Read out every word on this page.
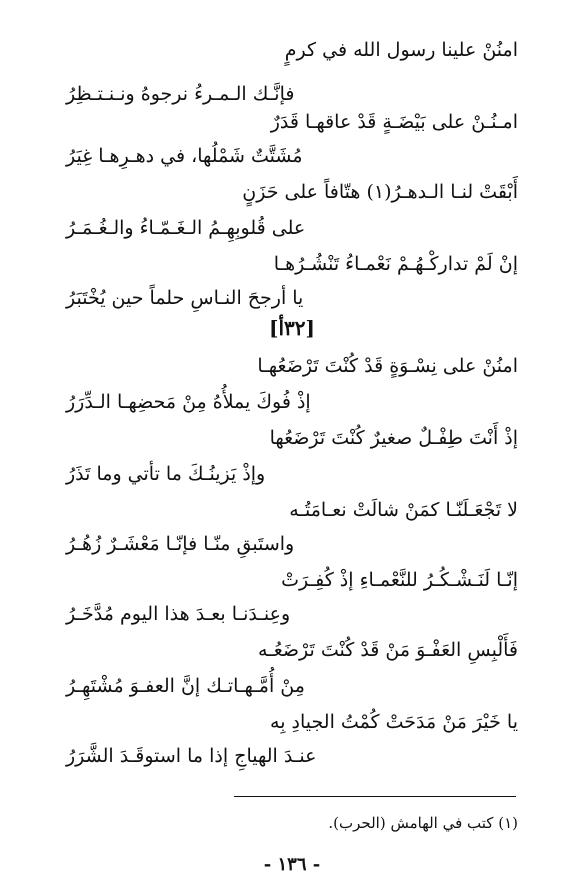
امنُنْ علينا رسول الله في كرمٍ
فإنَّـك الـمـرءُ نرجوهُ ونـنـتـظِرُ
امـنُـنْ على بَيْضَـةٍ قَدْ عاقهـا قَدَرٌ
مُشَتَّتٌ شَمْلُها، في دهـرِهـا غِيَرُ
أَبْقَتْ لنـا الـدهـرُ(١) هتّافاً على حَزَنٍ
على قُلوبِهِـمُ الـغَـمّـاءُ والـغُـمَـرُ
إنْ لَمْ تداركْـهُـمْ نَعْمـاءُ تَنْشُـرُهـا
يا أرجحَ النـاسِ حلماً حين يُخْتَبَرُ
[٣٢أ]
امنُنْ على نِسْـوَةٍ قَدْ كُنْتَ تَرْضَعُهـا
إذْ فُوكَ يملأُهُ مِنْ مَحضِهـا الـدِّرَرُ
إذْ أَنْتَ طِفْـلٌ صغيرٌ كُنْتَ تَرْضَعُها
وإذْ يَزينُـكَ ما تأتي وما تَذَرُ
لا تَجْعَـلَنّـا كمَنْ شالَتْ نعـامَتُـه
واستَبقِ منّـا فإنّـا مَعْشَـرٌ زُهُـرُ
إنّـا لَنَـشْـكُـرُ للنَّعْمـاءِ إذْ كُفِـرَتْ
وعِنـدَنـا بعـدَ هذا اليوم مُدَّخَـرُ
فَأَلْبِسِ العَفْـوَ مَنْ قَدْ كُنْتَ تَرْضَعُـه
مِنْ أُمَّـهـاتـك إنَّ العفـوَ مُشْتَهِـرُ
يا خَيْرَ مَنْ مَدَحَتْ كُمْتُ الجيادِ بِه
عنـدَ الهياجِ إذا ما استوقَـدَ الشَّرَرُ
(١) كتب في الهامش (الحرب).
- ١٣٦ -
